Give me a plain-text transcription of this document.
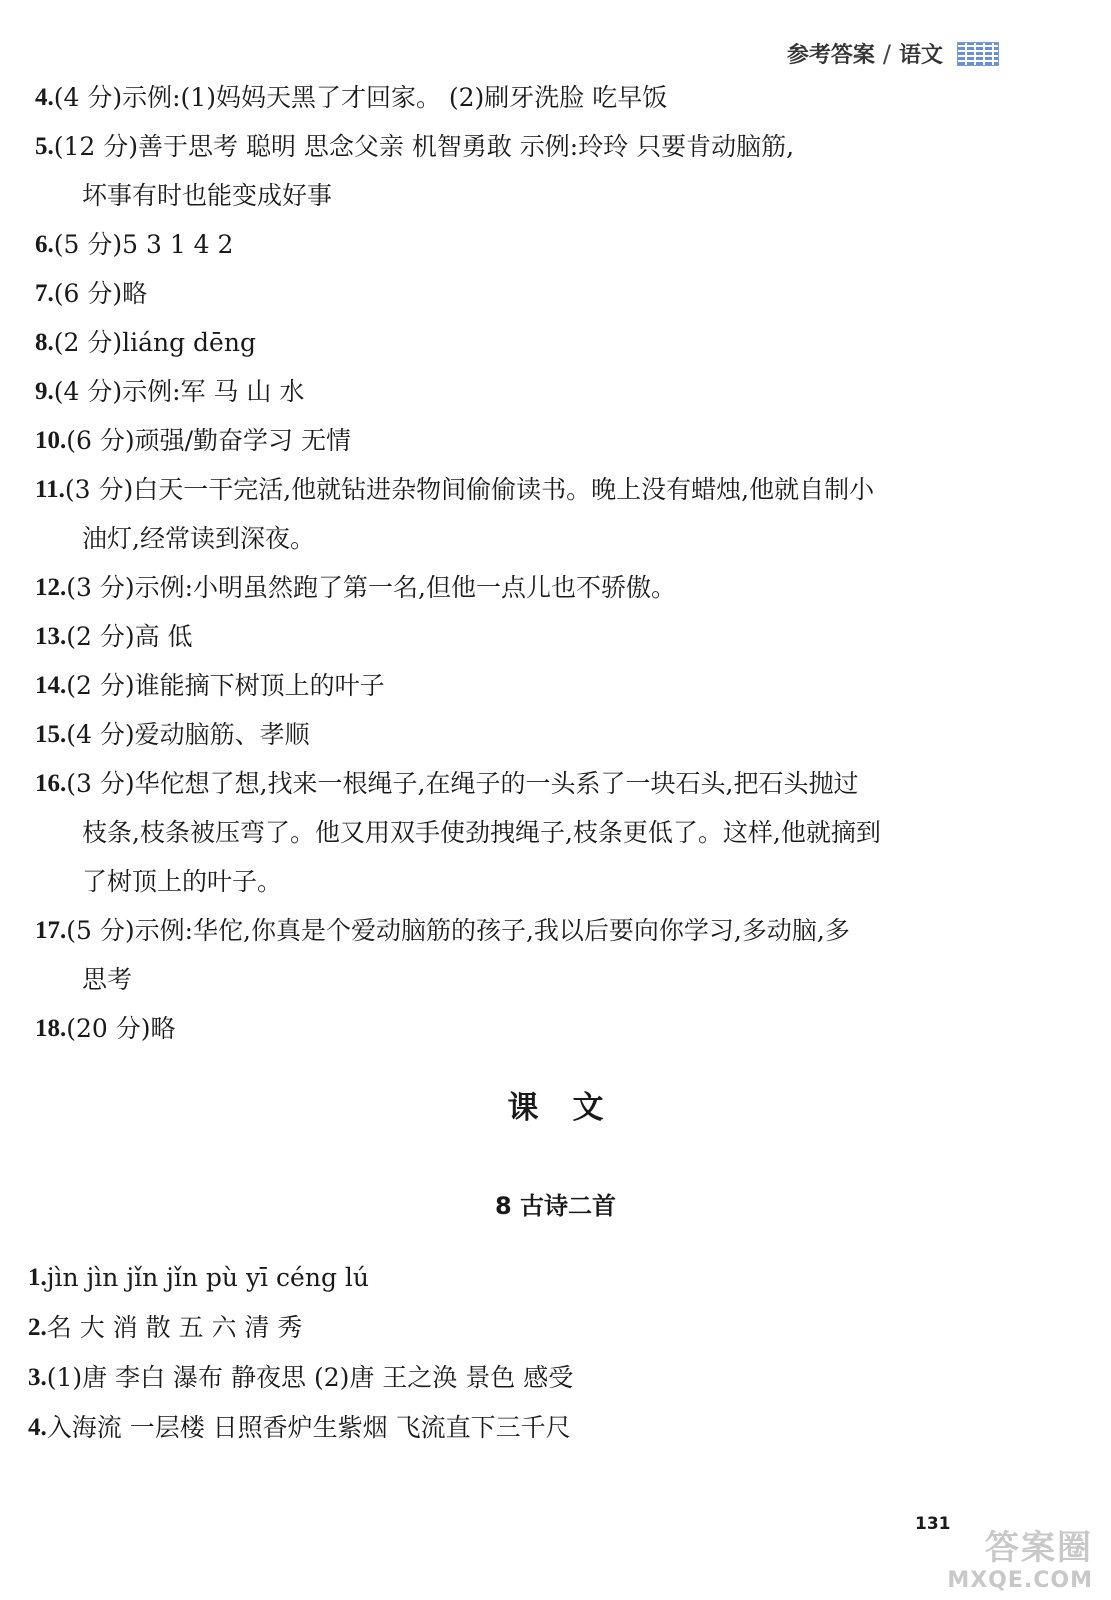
参考答案 / 语文
4. (4 分)示例:(1)妈妈天黑了才回家。 (2)刷牙洗脸 吃早饭
5. (12 分)善于思考 聪明 思念父亲 机智勇敢 示例:玲玲 只要肯动脑筋,
坏事有时也能变成好事
6. (5 分)5 3 1 4 2
7. (6 分)略
8. (2 分)liáng dēng
9. (4 分)示例:军 马 山 水
10. (6 分)顽强/勤奋学习 无情
11. (3 分)白天一干完活,他就钻进杂物间偷偷读书。晚上没有蜡烛,他就自制小
油灯,经常读到深夜。
12. (3 分)示例:小明虽然跑了第一名,但他一点儿也不骄傲。
13. (2 分)高 低
14. (2 分)谁能摘下树顶上的叶子
15. (4 分)爱动脑筋、孝顺
16. (3 分)华佗想了想,找来一根绳子,在绳子的一头系了一块石头,把石头抛过
枝条,枝条被压弯了。他又用双手使劲拽绳子,枝条更低了。这样,他就摘到
了树顶上的叶子。
17. (5 分)示例:华佗,你真是个爱动脑筋的孩子,我以后要向你学习,多动脑,多
思考
18. (20 分)略
课文
8 古诗二首
1. jìn jìn jǐn jǐn pù yī céng lú
2. 名 大 消 散 五 六 清 秀
3. (1)唐 李白 瀑布 静夜思 (2)唐 王之涣 景色 感受
4. 入海流 一层楼 日照香炉生紫烟 飞流直下三千尺
131
答案圈
MXQE.COM
